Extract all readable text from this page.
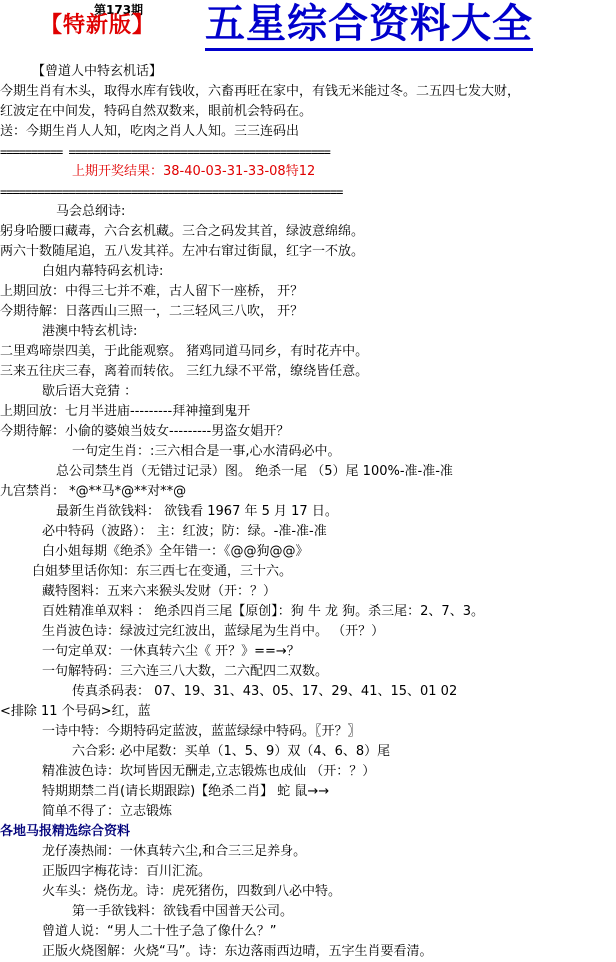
第173期
【特新版】 五星综合资料大全
【曾道人中特玄机话】
今期生肖有木头，取得水库有钱收，六畜再旺在家中，有钱无米能过冬。二五四七发大财，
红波定在中间发，特码自然双数来，眼前机会特码在。
送：今期生肖人人知，吃肉之肖人人知。三三连码出
========== ==========================================
上期开奖结果：38-40-03-31-33-08特12
=======================================================
马会总纲诗:
躬身哈腰口藏毒，六合玄机藏。三合之码发其首，绿波意绵绵。
两六十数随尾追，五八发其祥。左冲右窜过街鼠，红字一不放。
白姐内幕特码玄机诗:
上期回放：中得三七并不难，古人留下一座桥， 开？
今期待解：日落西山三照一，二三轻风三八吹， 开？
港澳中特玄机诗:
二里鸡啼崇四美，于此能观察。 猪鸡同道马同乡，有时花卉中。
三来五往庆三春，离着而转依。 三红九绿不平常，缭绕皆任意。
歇后语大竞猜 ：
上期回放：七月半进庙---------拜神撞到鬼开
今期待解：小偷的婆娘当妓女---------男盗女娼开？
一句定生肖：:三六相合是一事,心水清码必中。
总公司禁生肖（无错过记录）图。 绝杀一尾 （5）尾 100%-准-准-准
九宫禁肖： *@**马*@**对**@
最新生肖欲钱料： 欲钱看 1967 年 5 月 17 日。
必中特码（波路）： 主：红波；防：绿。-准-准-准
白小姐每期《绝杀》全年错一：《@@狗@@》
白姐梦里话你知：东三西七在变通，三十六。
藏特图料：五来六来猴头发财（开：？）
百姓精准单双料 ： 绝杀四肖三尾【原创】：狗 牛 龙 狗。杀三尾：2、7、3。
生肖波色诗：绿波过完红波出，蓝绿尾为生肖中。 （开？）
一句定单双：一休真转六尘《 开？》==→？
一句解特码：三六连三八大数，二六配四二双数。
传真杀码表： 07、19、31、43、05、17、29、41、15、01 02
<排除 11 个号码>红，蓝
一诗中特：今期特码定蓝波，蓝蓝绿绿中特码。〖开？〗
六合彩: 必中尾数：买单（1、5、9）双（4、6、8）尾
精准波色诗：坎坷皆因无酬走,立志锻炼也成仙 （开：？）
特期期禁二肖(请长期跟踪)【绝杀二肖】 蛇 鼠→→
简单不得了：立志锻炼
各地马报精选综合资料
龙仔凑热闹：一休真转六尘,和合三三足养身。
正版四字梅花诗：百川汇流。
火车头：烧伤龙。诗：虎死猪伤，四数到八必中特。
第一手欲钱料：欲钱看中国普天公司。
曾道人说：“男人二十性子急了像什么？”
正版火烧图解：火烧“马”。诗：东边落雨西边晴，五字生肖要看清。
